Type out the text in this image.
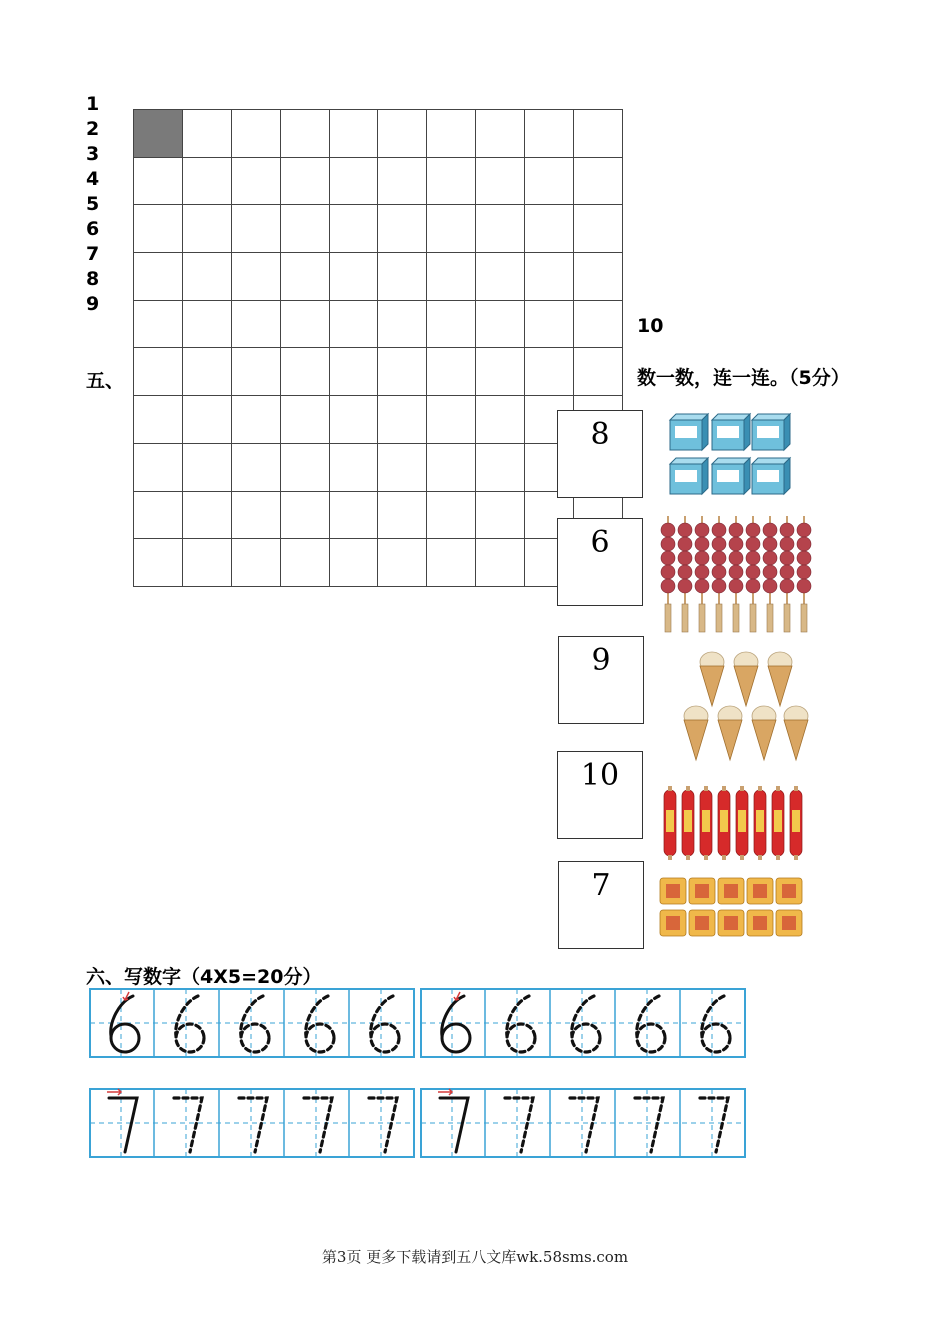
1
2
3
4
5
6
7
8
9

10
五、	数一数，连一连。（5分）
8
6
9
10
7
六、写数字（4X5=20分）
第3页 更多下载请到五八文库wk.58sms.com
